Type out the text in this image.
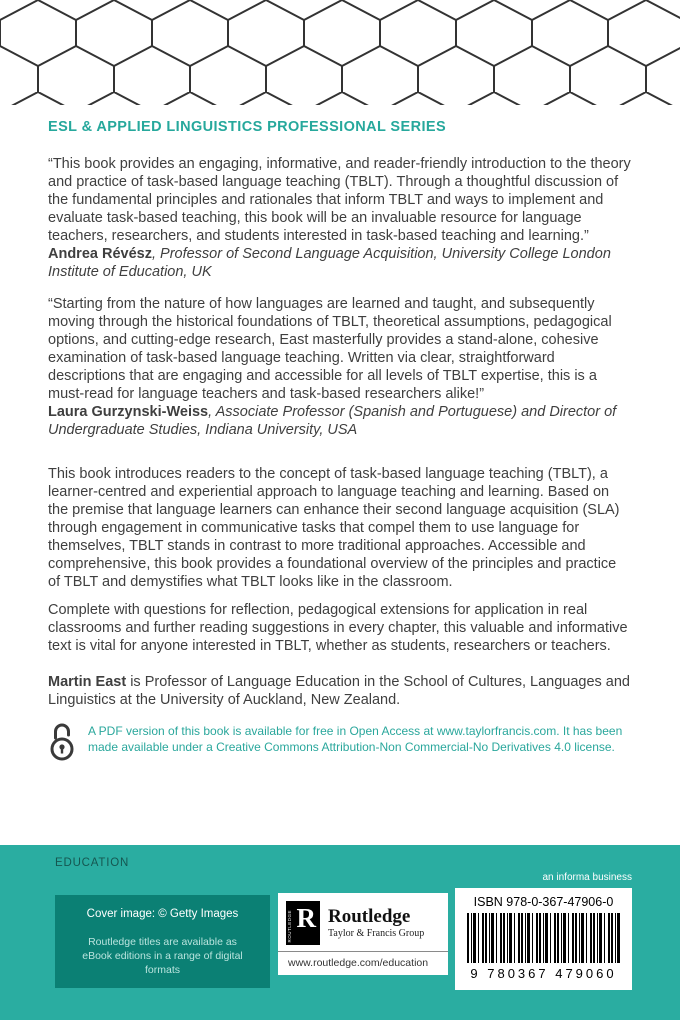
ESL & APPLIED LINGUISTICS PROFESSIONAL SERIES

“This book provides an engaging, informative, and reader-friendly introduction to the theory and practice of task-based language teaching (TBLT). Through a thoughtful discussion of the fundamental principles and rationales that inform TBLT and ways to implement and evaluate task-based teaching, this book will be an invaluable resource for language teachers, researchers, and students interested in task-based teaching and learning.”

Andrea Révész, Professor of Second Language Acquisition, University College London Institute of Education, UK

“Starting from the nature of how languages are learned and taught, and subsequently moving through the historical foundations of TBLT, theoretical assumptions, pedagogical options, and cutting-edge research, East masterfully provides a stand-alone, cohesive examination of task-based language teaching. Written via clear, straightforward descriptions that are engaging and accessible for all levels of TBLT expertise, this is a must-read for language teachers and task-based researchers alike!”

Laura Gurzynski-Weiss, Associate Professor (Spanish and Portuguese) and Director of Undergraduate Studies, Indiana University, USA

This book introduces readers to the concept of task-based language teaching (TBLT), a learner-centred and experiential approach to language teaching and learning. Based on the premise that language learners can enhance their second language acquisition (SLA) through engagement in communicative tasks that compel them to use language for themselves, TBLT stands in contrast to more traditional approaches. Accessible and comprehensive, this book provides a foundational overview of the principles and practice of TBLT and demystifies what TBLT looks like in the classroom.

Complete with questions for reflection, pedagogical extensions for application in real classrooms and further reading suggestions in every chapter, this valuable and informative text is vital for anyone interested in TBLT, whether as students, researchers or teachers.

Martin East is Professor of Language Education in the School of Cultures, Languages and Linguistics at the University of Auckland, New Zealand.

A PDF version of this book is available for free in Open Access at www.taylorfrancis.com. It has been made available under a Creative Commons Attribution-Non Commercial-No Derivatives 4.0 license.

EDUCATION
an informa business
Cover image: © Getty Images
Routledge titles are available as eBook editions in a range of digital formats
R
ROUTLEDGE Routledge
Taylor & Francis Group
www.routledge.com/education
ISBN 978-0-367-47906-0
9 780367 479060
